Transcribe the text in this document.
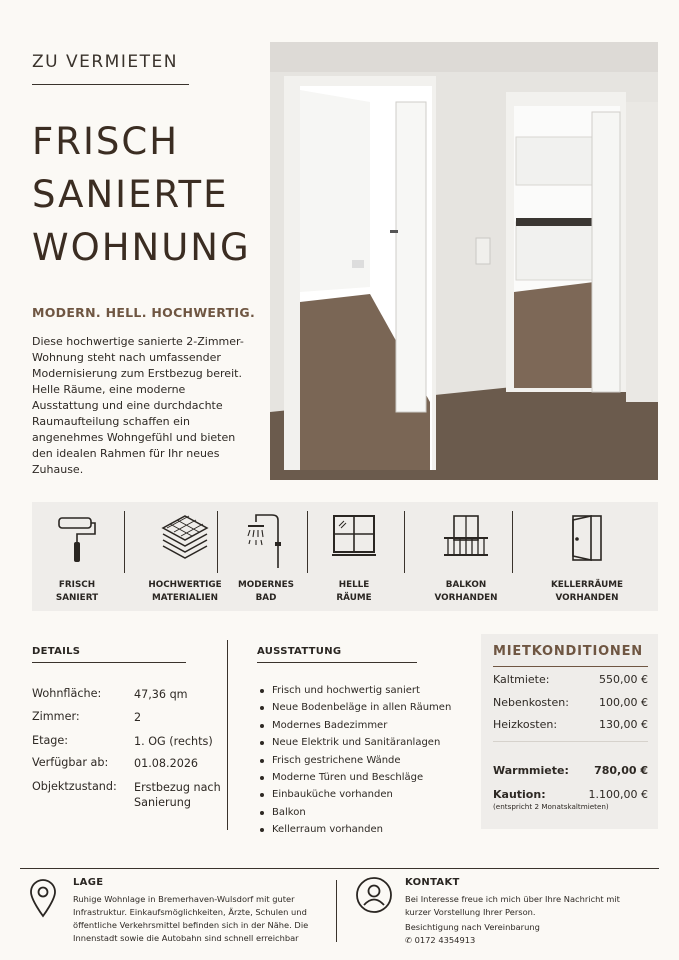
ZU VERMIETEN
FRISCH
SANIERTE
WOHNUNG
MODERN. HELL. HOCHWERTIG.
Diese hochwertige sanierte 2-Zimmer-Wohnung steht nach umfassender Modernisierung zum Erstbezug bereit. Helle Räume, eine moderne Ausstattung und eine durchdachte Raumaufteilung schaffen ein angenehmes Wohngefühl und bieten den idealen Rahmen für Ihr neues Zuhause.
FRISCH
SANIERT
HOCHWERTIGE
MATERIALIEN
MODERNES
BAD
HELLE
RÄUME
BALKON
VORHANDEN
KELLERRÄUME
VORHANDEN
DETAILS
Wohnfläche:	47,36 qm
Zimmer:	2
Etage:	1. OG (rechts)
Verfügbar ab: 01.08.2026
Objektzustand: Erstbezug nach Sanierung
AUSSTATTUNG
Frisch und hochwertig saniert
Neue Bodenbeläge in allen Räumen
Modernes Badezimmer
Neue Elektrik und Sanitäranlagen
Frisch gestrichene Wände
Moderne Türen und Beschläge
Einbauküche vorhanden
Balkon
Kellerraum vorhanden
MIETKONDITIONEN
Kaltmiete:	550,00 €
Nebenkosten:	100,00 €
Heizkosten:	130,00 €
Warmmiete: 780,00 €
Kaution:	1.100,00 €
(entspricht 2 Monatskaltmieten)
LAGE
Ruhige Wohnlage in Bremerhaven-Wulsdorf mit guter Infrastruktur. Einkaufsmöglichkeiten, Ärzte, Schulen und öffentliche Verkehrsmittel befinden sich in der Nähe. Die Innenstadt sowie die Autobahn sind schnell erreichbar
KONTAKT
Bei Interesse freue ich mich über Ihre Nachricht mit kurzer Vorstellung Ihrer Person.
Besichtigung nach Vereinbarung
✆ 0172 4354913
